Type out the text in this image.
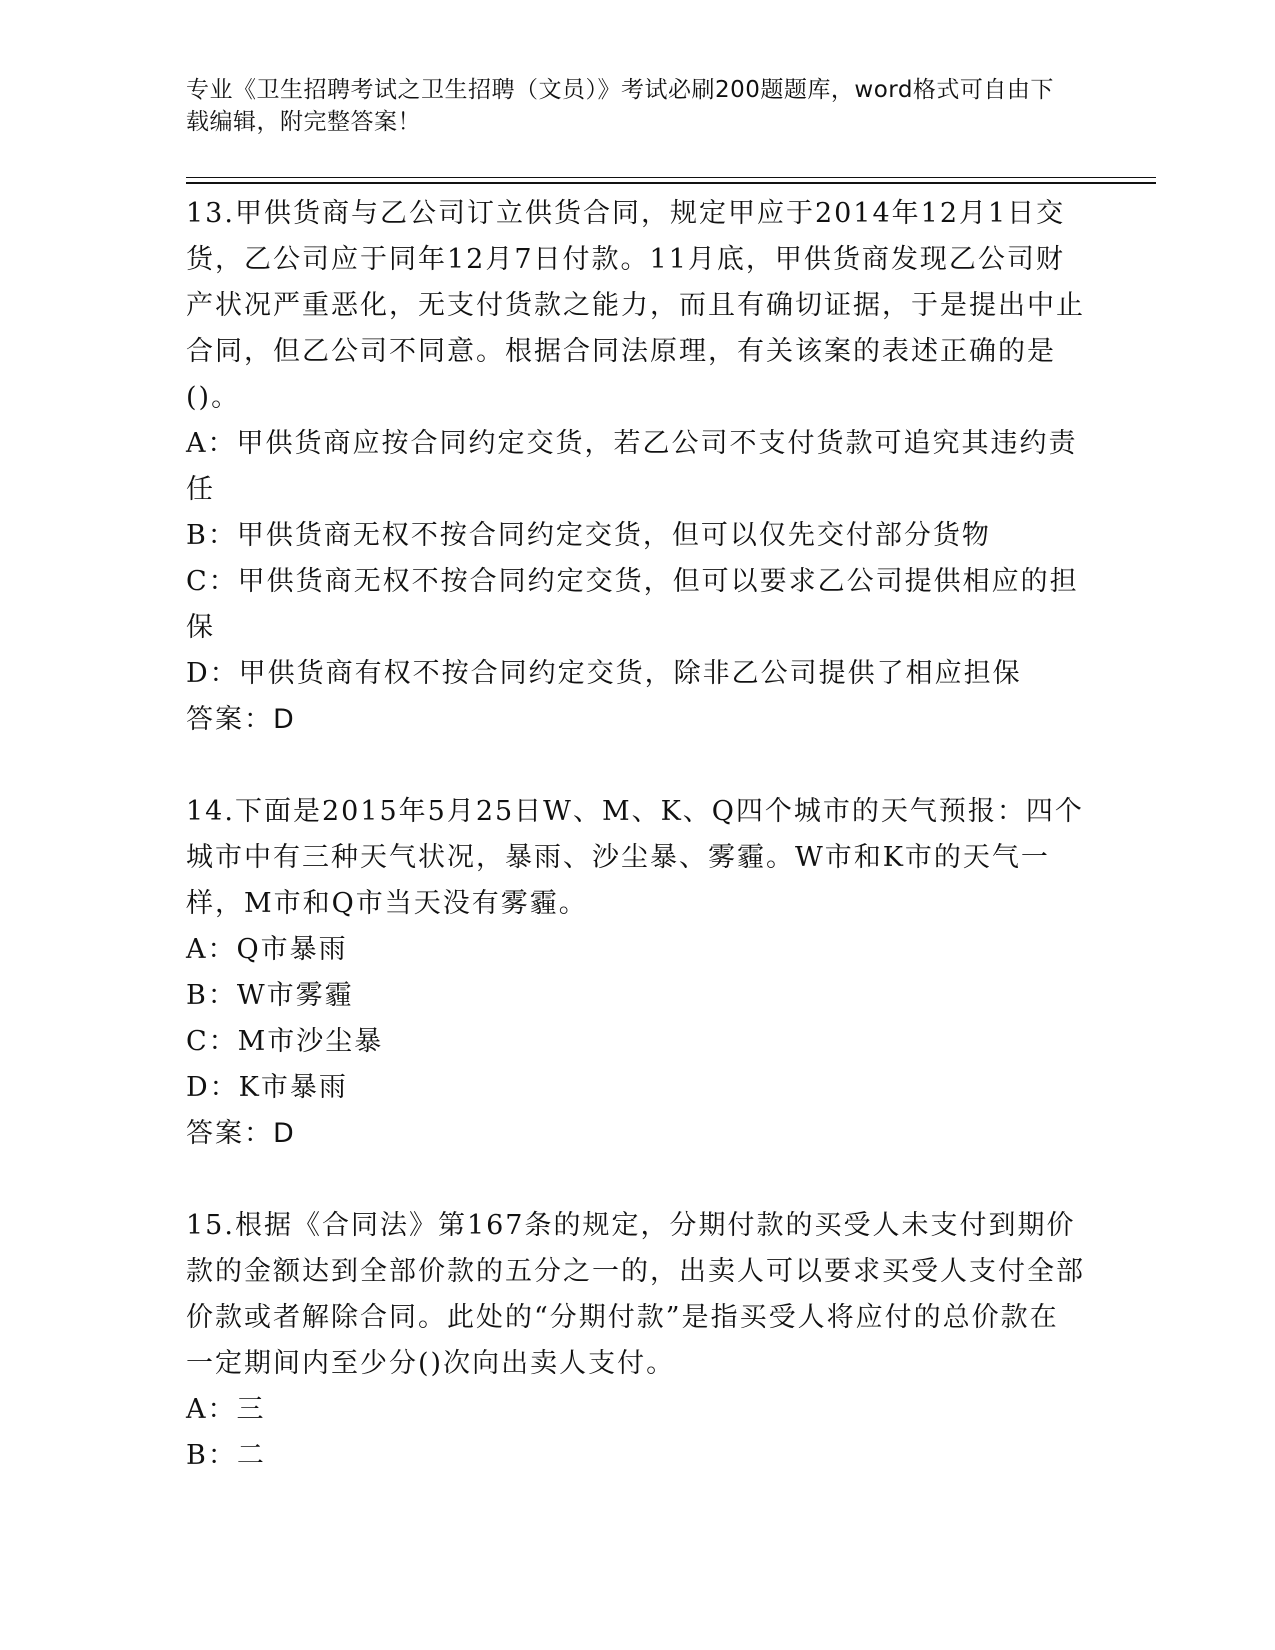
专业《卫生招聘考试之卫生招聘（文员）》考试必刷200题题库，word格式可自由下载编辑，附完整答案！
13.甲供货商与乙公司订立供货合同，规定甲应于2014年12月1日交货，乙公司应于同年12月7日付款。11月底，甲供货商发现乙公司财产状况严重恶化，无支付货款之能力，而且有确切证据，于是提出中止合同，但乙公司不同意。根据合同法原理，有关该案的表述正确的是()。
A：甲供货商应按合同约定交货，若乙公司不支付货款可追究其违约责任
B：甲供货商无权不按合同约定交货，但可以仅先交付部分货物
C：甲供货商无权不按合同约定交货，但可以要求乙公司提供相应的担保
D：甲供货商有权不按合同约定交货，除非乙公司提供了相应担保
答案：D
14.下面是2015年5月25日W、M、K、Q四个城市的天气预报：四个城市中有三种天气状况，暴雨、沙尘暴、雾霾。W市和K市的天气一样，M市和Q市当天没有雾霾。
A：Q市暴雨
B：W市雾霾
C：M市沙尘暴
D：K市暴雨
答案：D
15.根据《合同法》第167条的规定，分期付款的买受人未支付到期价款的金额达到全部价款的五分之一的，出卖人可以要求买受人支付全部价款或者解除合同。此处的“分期付款”是指买受人将应付的总价款在一定期间内至少分()次向出卖人支付。
A：三
B：二
